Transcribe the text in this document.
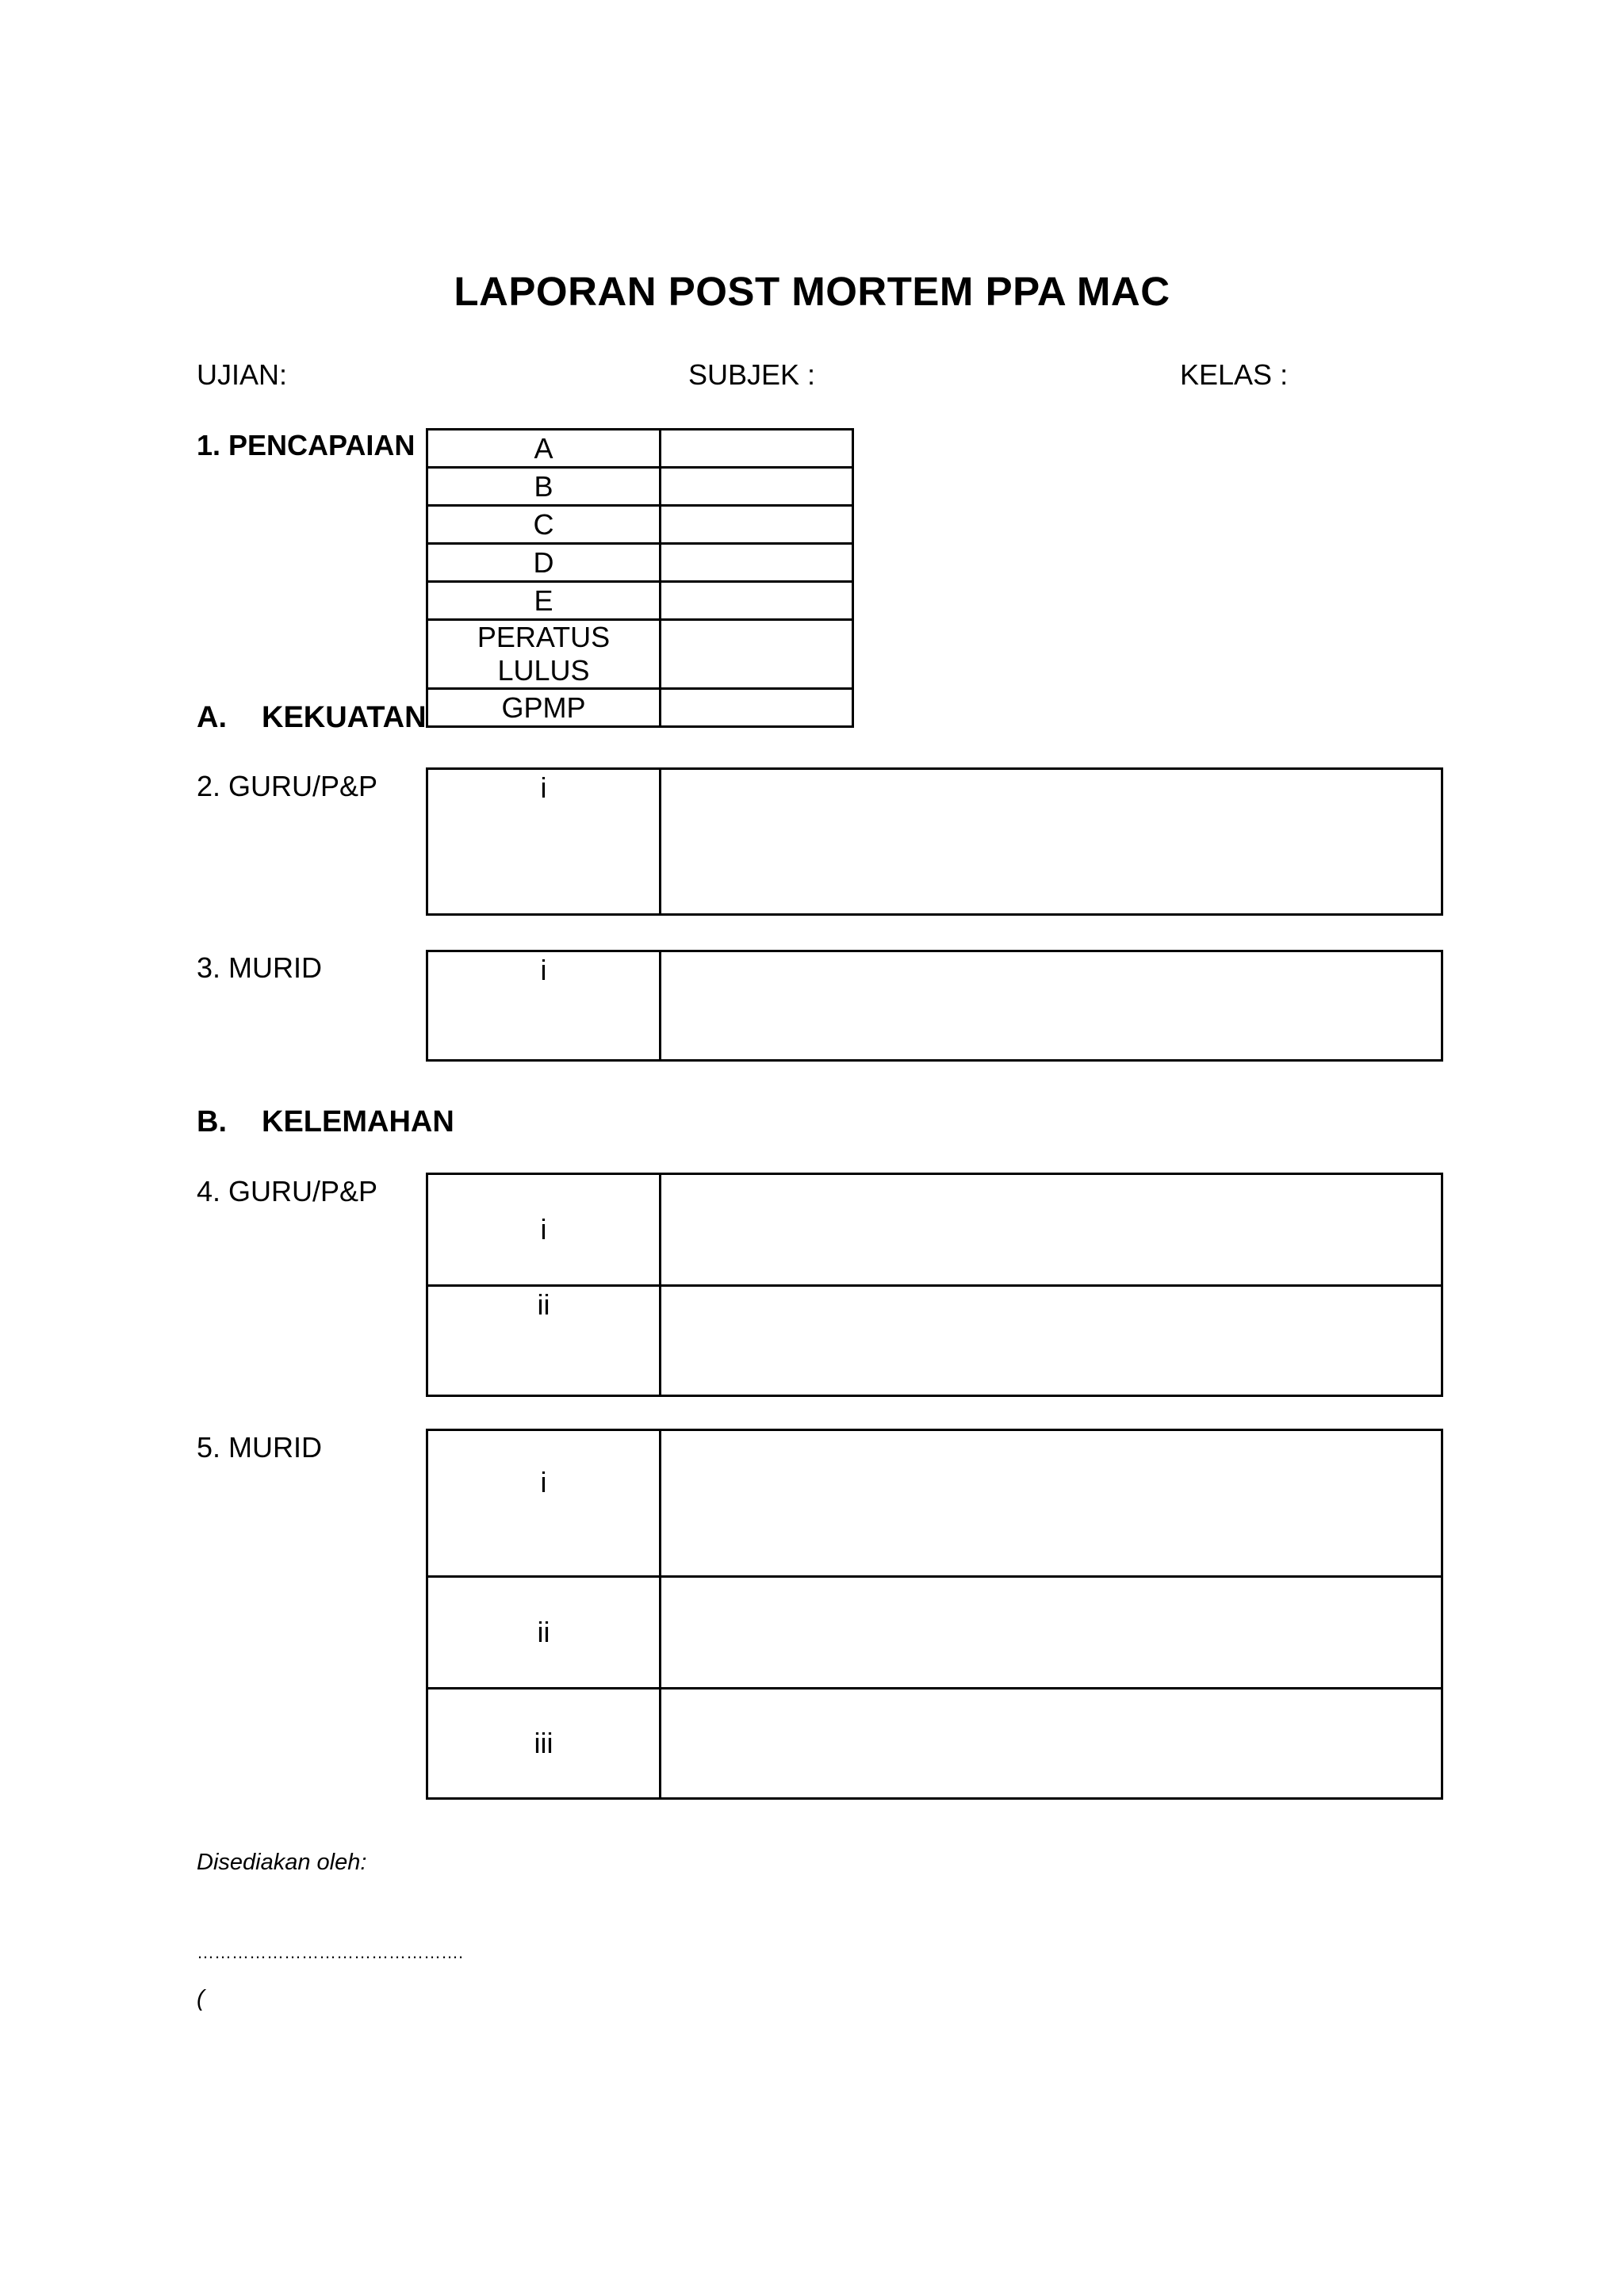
LAPORAN POST MORTEM PPA MAC
UJIAN:	SUBJEK :	KELAS :
1. PENCAPAIAN	A	
B	
C	
D	
E	
PERATUS LULUS	
GPMP	
A. KEKUATAN
2. GURU/P&P	i	
3. MURID	i	
B. KELEMAHAN
4. GURU/P&P
i	
ii	
5. MURID
i	
ii	
iii	
Disediakan oleh:
……………………………………….
(
